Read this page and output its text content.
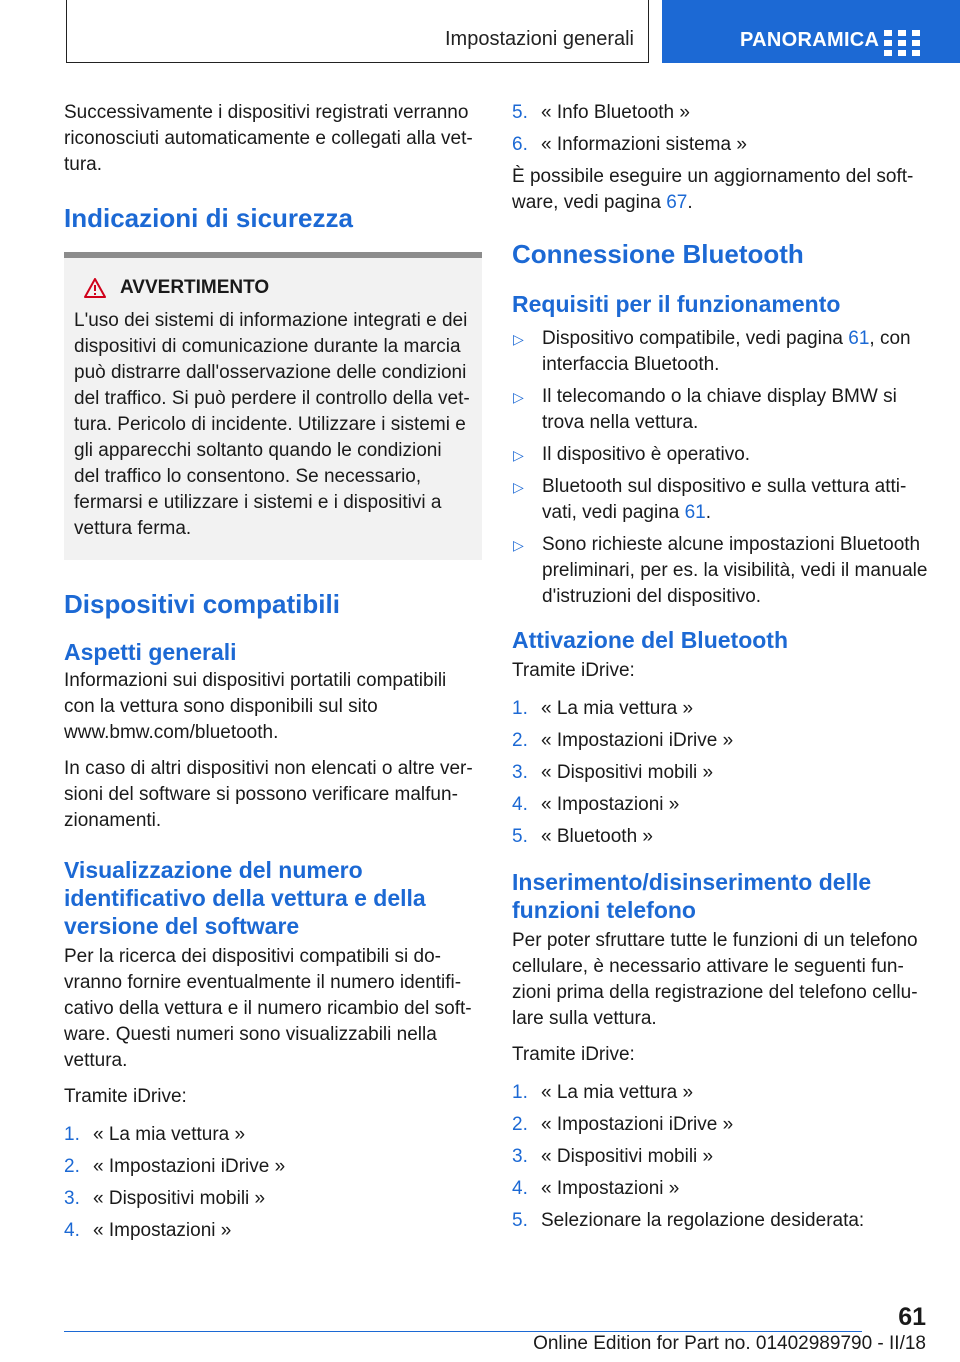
Impostazioni generali	PANORAMICA

Successivamente i dispositivi registrati verranno riconosciuti automaticamente e collegati alla vet-tura.

Indicazioni di sicurezza
AVVERTIMENTO

L'uso dei sistemi di informazione integrati e dei dispositivi di comunicazione durante la marcia può distrarre dall'osservazione delle condizioni del traffico. Si può perdere il controllo della vet-tura. Pericolo di incidente. Utilizzare i sistemi e gli apparecchi soltanto quando le condizioni del traffico lo consentono. Se necessario, fermarsi e utilizzare i sistemi e i dispositivi a vettura ferma.

Dispositivi compatibili
Aspetti generali

Informazioni sui dispositivi portatili compatibili con la vettura sono disponibili sul sito www.bmw.com/bluetooth.

In caso di altri dispositivi non elencati o altre ver-sioni del software si possono verificare malfun-zionamenti.

Visualizzazione del numero identificativo della vettura e della versione del software

Per la ricerca dei dispositivi compatibili si do-vranno fornire eventualmente il numero identifi-cativo della vettura e il numero ricambio del soft-ware. Questi numeri sono visualizzabili nella vettura.

Tramite iDrive:

1. « La mia vettura »
2. « Impostazioni iDrive »
3. « Dispositivi mobili »
4. « Impostazioni »
5. « Info Bluetooth »
6. « Informazioni sistema »

È possibile eseguire un aggiornamento del soft-ware, vedi pagina 67.

Connessione Bluetooth
Requisiti per il funzionamento
▷ Dispositivo compatibile, vedi pagina 61, con interfaccia Bluetooth.
▷ Il telecomando o la chiave display BMW si trova nella vettura.
▷ Il dispositivo è operativo.
▷ Bluetooth sul dispositivo e sulla vettura atti-vati, vedi pagina 61.
▷ Sono richieste alcune impostazioni Bluetooth preliminari, per es. la visibilità, vedi il manuale d'istruzioni del dispositivo.
Attivazione del Bluetooth

Tramite iDrive:

1. « La mia vettura »
2. « Impostazioni iDrive »
3. « Dispositivi mobili »
4. « Impostazioni »
5. « Bluetooth »
Inserimento/disinserimento delle funzioni telefono

Per poter sfruttare tutte le funzioni di un telefono cellulare, è necessario attivare le seguenti fun-zioni prima della registrazione del telefono cellu-lare sulla vettura.

Tramite iDrive:

1. « La mia vettura »
2. « Impostazioni iDrive »
3. « Dispositivi mobili »
4. « Impostazioni »
5. Selezionare la regolazione desiderata:
61
Online Edition for Part no. 01402989790 - II/18
